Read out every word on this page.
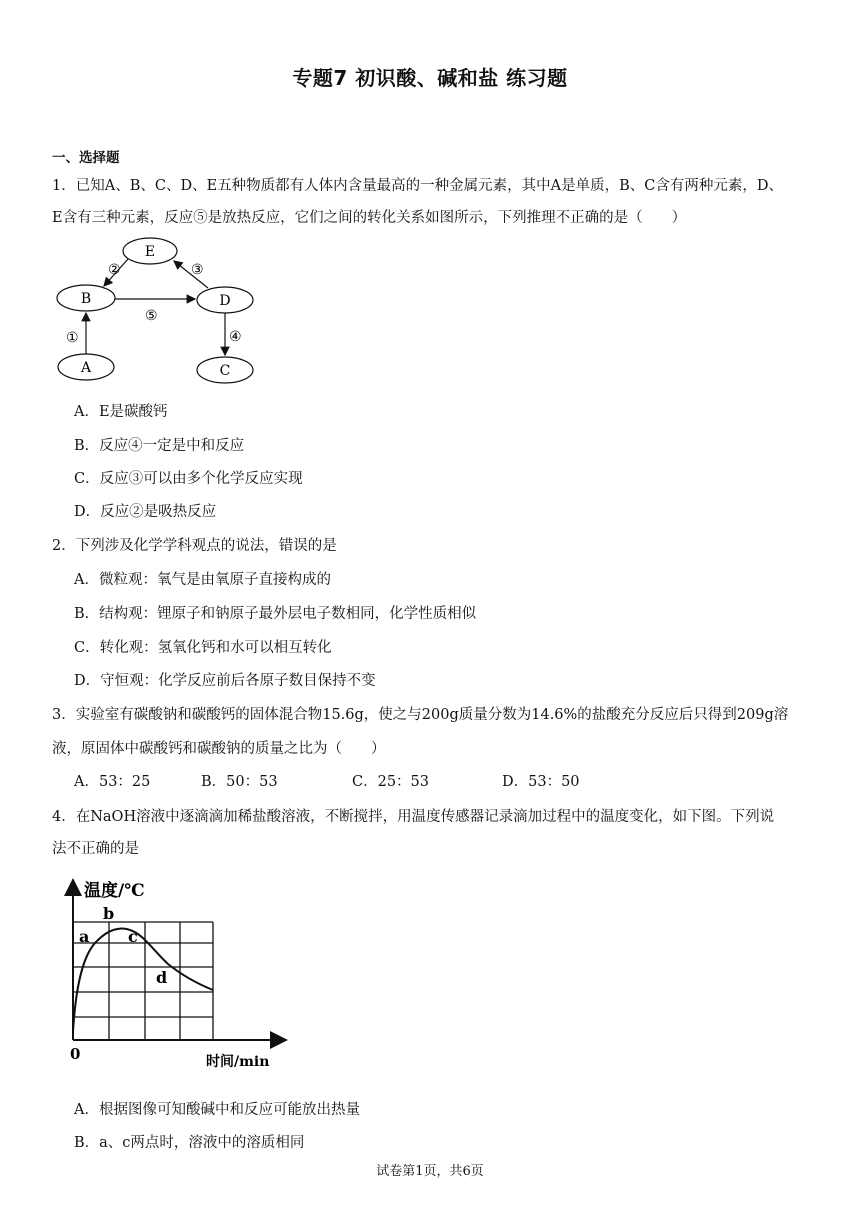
专题7 初识酸、碱和盐 练习题
一、选择题
1．已知A、B、C、D、E五种物质都有人体内含量最高的一种金属元素，其中A是单质，B、C含有两种元素，D、
E含有三种元素，反应⑤是放热反应，它们之间的转化关系如图所示，下列推理不正确的是（　　）
E
B	D
A	C
②	③
⑤
①	④
A．E是碳酸钙
B．反应④一定是中和反应
C．反应③可以由多个化学反应实现
D．反应②是吸热反应
2．下列涉及化学学科观点的说法，错误的是
A．微粒观：氧气是由氧原子直接构成的
B．结构观：锂原子和钠原子最外层电子数相同，化学性质相似
C．转化观：氢氧化钙和水可以相互转化
D．守恒观：化学反应前后各原子数目保持不变
3．实验室有碳酸钠和碳酸钙的固体混合物15.6g，使之与200g质量分数为14.6%的盐酸充分反应后只得到209g溶
液，原固体中碳酸钙和碳酸钠的质量之比为（　　）
A．53：25	B．50：53	C．25：53	D．53：50
4．在NaOH溶液中逐滴滴加稀盐酸溶液，不断搅拌，用温度传感器记录滴加过程中的温度变化，如下图。下列说
法不正确的是
温度/℃
时间/min
0
a
b
c
d
A．根据图像可知酸碱中和反应可能放出热量
B．a、c两点时，溶液中的溶质相同
试卷第1页，共6页
